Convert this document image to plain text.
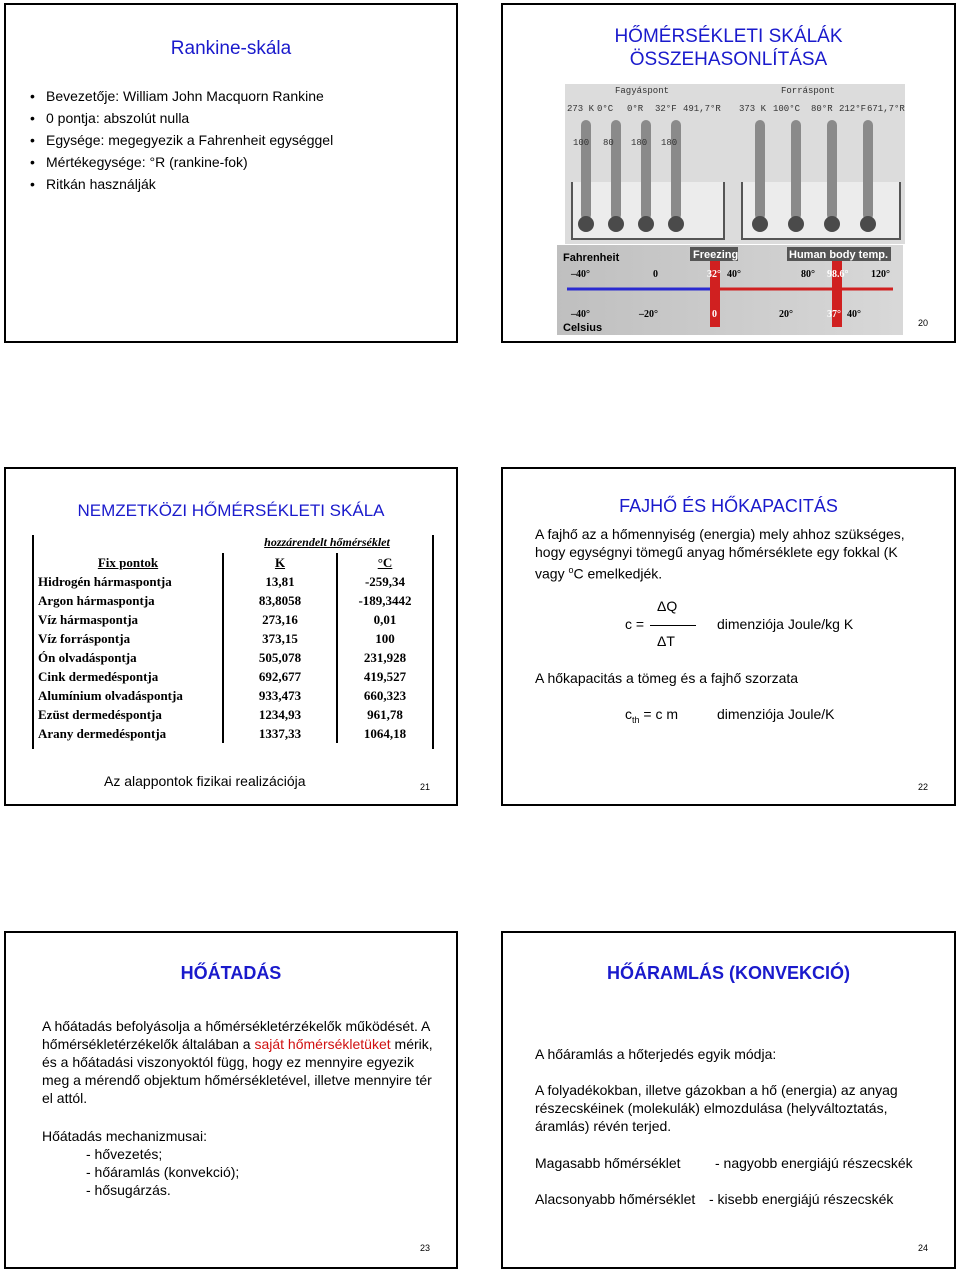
Rankine-skála
• Bevezetője: William John Macquorn Rankine
• 0 pontja: abszolút nulla
• Egysége: megegyezik a Fahrenheit egységgel
• Mértékegysége: °R (rankine-fok)
• Ritkán használják
HŐMÉRSÉKLETI SKÁLÁK
ÖSSZEHASONLÍTÁSA
Fagyáspont	Forráspont
273 K 0°C 0°R 32°F 491,7°R 373 K 100°C 80°R 212°F 671,7°R
100 80 180 180
Fahrenheit	Freezing	Human body temp.
–40°	0	32° 40°	80° 98.6° 120°
–40°	–20°	0	20°	37° 40°
Celsius	20
NEMZETKÖZI HŐMÉRSÉKLETI SKÁLA
hozzárendelt hőmérséklet
Fix pontok	K	°C
Hidrogén hármaspontja	13,81	-259,34
Argon hármaspontja	83,8058	-189,3442
Víz hármaspontja	273,16	0,01
Víz forráspontja	373,15	100
Ón olvadáspontja	505,078	231,928
Cink dermedéspontja	692,677	419,527
Alumínium olvadáspontja	933,473	660,323
Ezüst dermedéspontja	1234,93	961,78
Arany dermedéspontja	1337,33	1064,18
Az alappontok fizikai realizációja	21
FAJHŐ ÉS HŐKAPACITÁS
A fajhő az a hőmennyiség (energia) mely ahhoz szükséges, hogy egységnyi tömegű anyag hőmérséklete egy fokkal (K vagy $^o$C emelkedjék.
ΔQ
c =
ΔT
dimenziója Joule/kg K
A hőkapacitás a tömeg és a fajhő szorzata
$c_{th} = c$ m	dimenziója Joule/K
22
HŐÁTADÁS
A hőátadás befolyásolja a hőmérsékletérzékelők működését. A hőmérsékletérzékelők általában a saját hőmérsékletüket mérik, és a hőátadási viszonyoktól függ, hogy ez mennyire egyezik meg a mérendő objektum hőmérsékletével, illetve mennyire tér el attól.
Hőátadás mechanizmusai:
- hővezetés;
- hőáramlás (konvekció);
- hősugárzás.
23
HŐÁRAMLÁS (KONVEKCIÓ)
A hőáramlás a hőterjedés egyik módja:
A folyadékokban, illetve gázokban a hő (energia) az anyag részecskéinek (molekulák) elmozdulása (helyváltoztatás, áramlás) révén terjed.
Magasabb hőmérséklet - nagyobb energiájú részecskék
Alacsonyabb hőmérséklet - kisebb energiájú részecskék
24
